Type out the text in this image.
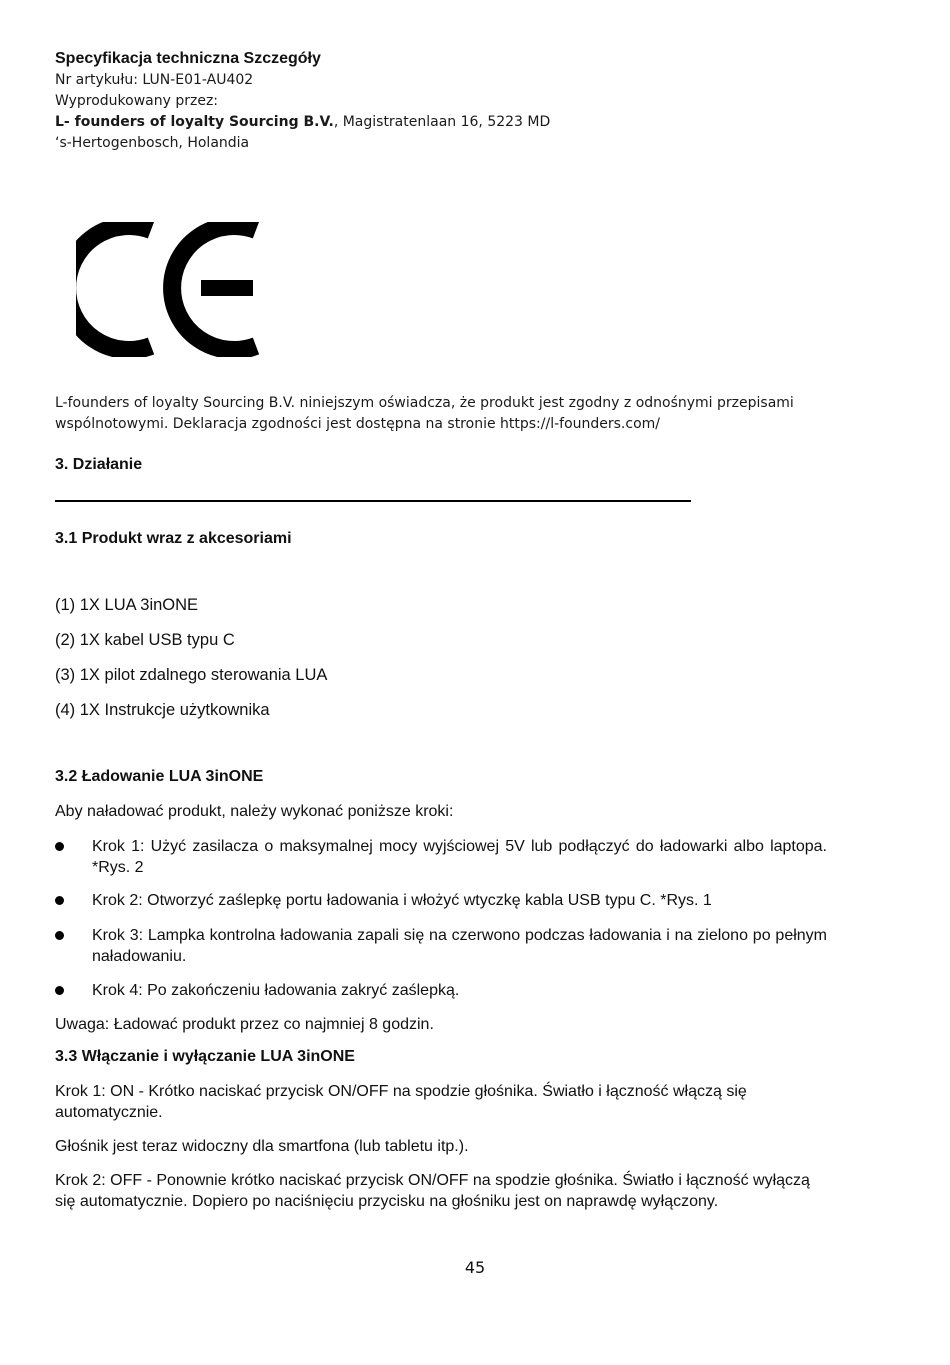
Specyfikacja techniczna Szczegóły
Nr artykułu: LUN-E01-AU402
Wyprodukowany przez:
L- founders of loyalty Sourcing B.V., Magistratenlaan 16, 5223 MD
‘s-Hertogenbosch, Holandia
L-founders of loyalty Sourcing B.V. niniejszym oświadcza, że produkt jest zgodny z odnośnymi przepisami
wspólnotowymi. Deklaracja zgodności jest dostępna na stronie https://l-founders.com/
3. Działanie
3.1 Produkt wraz z akcesoriami
(1) 1X LUA 3inONE
(2) 1X kabel USB typu C
(3) 1X pilot zdalnego sterowania LUA
(4) 1X Instrukcje użytkownika
3.2 Ładowanie LUA 3inONE
Aby naładować produkt, należy wykonać poniższe kroki:
Krok 1: Użyć zasilacza o maksymalnej mocy wyjściowej 5V lub podłączyć do ładowarki albo laptopa. *Rys. 2
Krok 2: Otworzyć zaślepkę portu ładowania i włożyć wtyczkę kabla USB typu C. *Rys. 1
Krok 3: Lampka kontrolna ładowania zapali się na czerwono podczas ładowania i na zielono po pełnym naładowaniu.
Krok 4: Po zakończeniu ładowania zakryć zaślepką.
Uwaga: Ładować produkt przez co najmniej 8 godzin.
3.3 Włączanie i wyłączanie LUA 3inONE
Krok 1: ON - Krótko naciskać przycisk ON/OFF na spodzie głośnika. Światło i łączność włączą się automatycznie.
Głośnik jest teraz widoczny dla smartfona (lub tabletu itp.).
Krok 2: OFF - Ponownie krótko naciskać przycisk ON/OFF na spodzie głośnika. Światło i łączność wyłączą się automatycznie. Dopiero po naciśnięciu przycisku na głośniku jest on naprawdę wyłączony.
45
